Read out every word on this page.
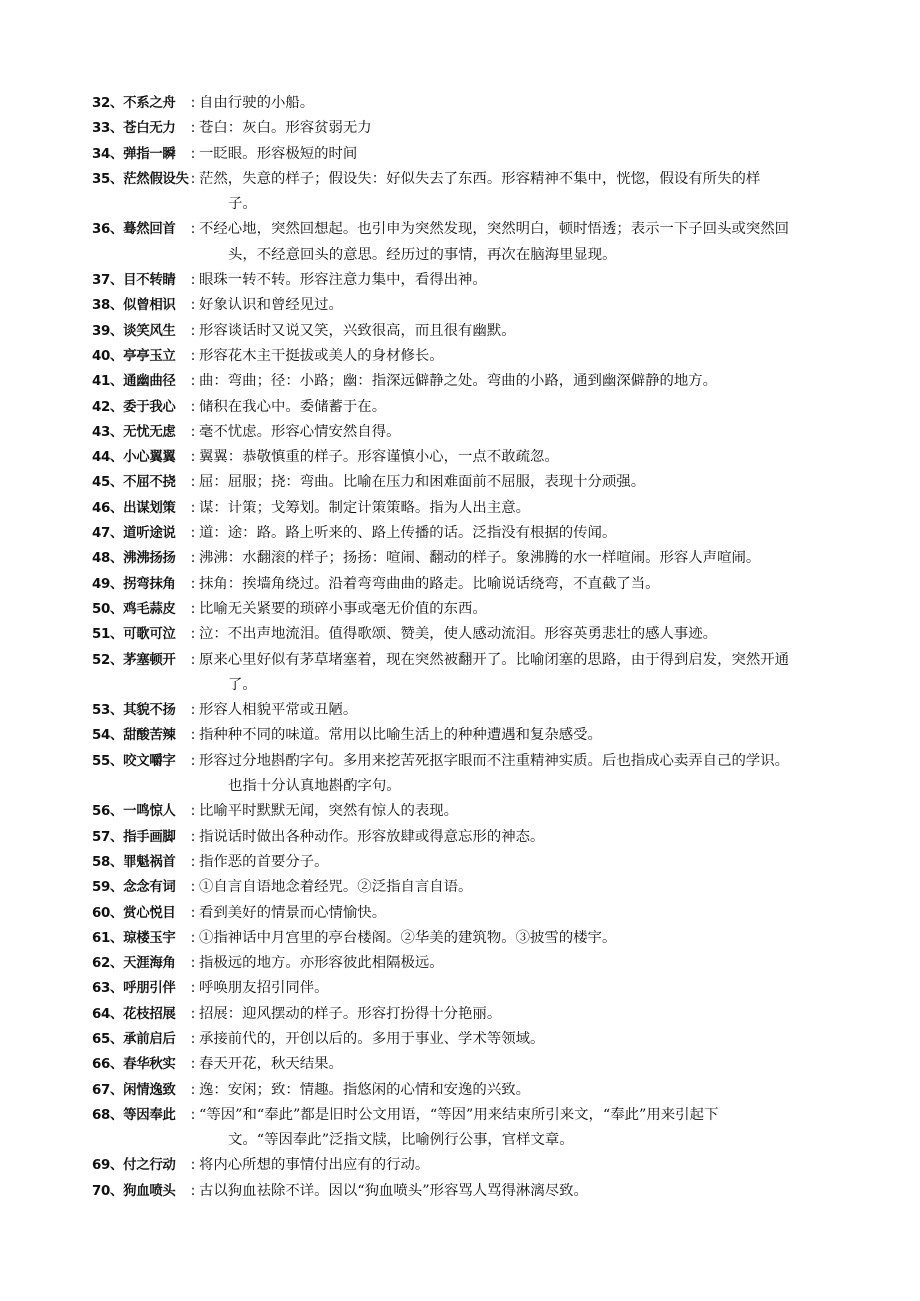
32、不系之舟	: 自由行驶的小船。
33、苍白无力	: 苍白：灰白。形容贫弱无力
34、弹指一瞬	: 一眨眼。形容极短的时间
35、茫然假设失 : 茫然，失意的样子；假设失：好似失去了东西。形容精神不集中，恍惚，假设有所失的样
子。
36、蓦然回首	: 不经心地，突然回想起。也引申为突然发现，突然明白，顿时悟透；表示一下子回头或突然回
头，不经意回头的意思。经历过的事情，再次在脑海里显现。
37、目不转睛	: 眼珠一转不转。形容注意力集中，看得出神。
38、似曾相识	: 好象认识和曾经见过。
39、谈笑风生	: 形容谈话时又说又笑，兴致很高，而且很有幽默。
40、亭亭玉立	: 形容花木主干挺拔或美人的身材修长。
41、通幽曲径	: 曲：弯曲；径：小路；幽：指深远僻静之处。弯曲的小路，通到幽深僻静的地方。
42、委于我心	: 储积在我心中。委储蓄于在。
43、无忧无虑	: 毫不忧虑。形容心情安然自得。
44、小心翼翼	: 翼翼：恭敬慎重的样子。形容谨慎小心，一点不敢疏忽。
45、不屈不挠	: 屈：屈服；挠：弯曲。比喻在压力和困难面前不屈服，表现十分顽强。
46、出谋划策	: 谋：计策；戈筹划。制定计策策略。指为人出主意。
47、道听途说	: 道：途：路。路上听来的、路上传播的话。泛指没有根据的传闻。
48、沸沸扬扬	: 沸沸：水翻滚的样子；扬扬：喧闹、翻动的样子。象沸腾的水一样喧闹。形容人声喧闹。
49、拐弯抹角	: 抹角：挨墙角绕过。沿着弯弯曲曲的路走。比喻说话绕弯，不直截了当。
50、鸡毛蒜皮	: 比喻无关紧要的琐碎小事或毫无价值的东西。
51、可歌可泣	: 泣：不出声地流泪。值得歌颂、赞美，使人感动流泪。形容英勇悲壮的感人事迹。
52、茅塞顿开	: 原来心里好似有茅草堵塞着，现在突然被翻开了。比喻闭塞的思路，由于得到启发，突然开通
了。
53、其貌不扬	: 形容人相貌平常或丑陋。
54、甜酸苦辣	: 指种种不同的味道。常用以比喻生活上的种种遭遇和复杂感受。
55、咬文嚼字	: 形容过分地斟酌字句。多用来挖苦死抠字眼而不注重精神实质。后也指成心卖弄自己的学识。
也指十分认真地斟酌字句。
56、一鸣惊人	: 比喻平时默默无闻，突然有惊人的表现。
57、指手画脚	: 指说话时做出各种动作。形容放肆或得意忘形的神态。
58、罪魁祸首	: 指作恶的首要分子。
59、念念有词	: ①自言自语地念着经咒。②泛指自言自语。
60、赏心悦目	: 看到美好的情景而心情愉快。
61、琼楼玉宇	: ①指神话中月宫里的亭台楼阁。②华美的建筑物。③披雪的楼宇。
62、天涯海角	: 指极远的地方。亦形容彼此相隔极远。
63、呼朋引伴	: 呼唤朋友招引同伴。
64、花枝招展	: 招展：迎风摆动的样子。形容打扮得十分艳丽。
65、承前启后	: 承接前代的，开创以后的。多用于事业、学术等领域。
66、春华秋实	: 春天开花，秋天结果。
67、闲情逸致	: 逸：安闲；致：情趣。指悠闲的心情和安逸的兴致。
68、等因奉此	: “等因”和“奉此”都是旧时公文用语，“等因”用来结束所引来文，“奉此”用来引起下
文。“等因奉此”泛指文牍，比喻例行公事，官样文章。
69、付之行动	: 将内心所想的事情付出应有的行动。
70、狗血喷头	: 古以狗血祛除不详。因以“狗血喷头”形容骂人骂得淋漓尽致。
